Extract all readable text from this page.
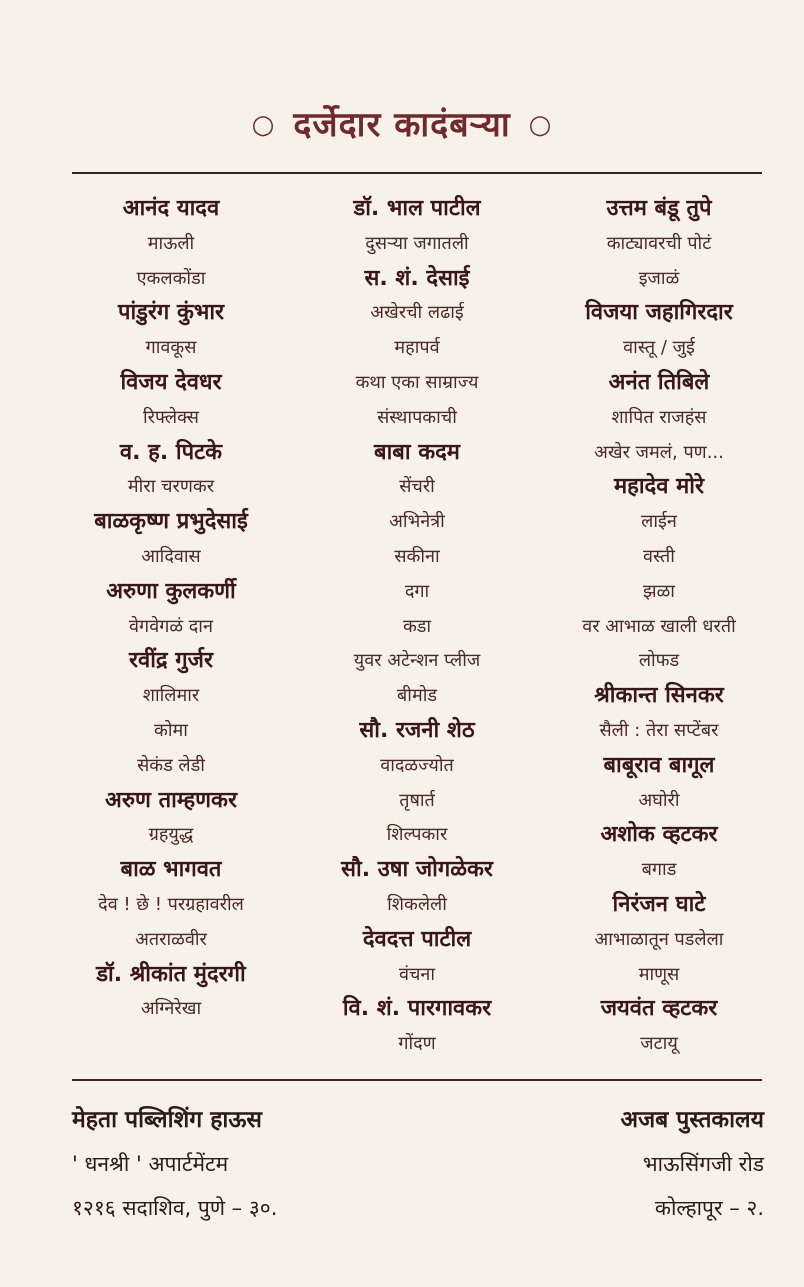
○ दर्जेदार कादंबऱ्या ○
आनंद यादव
माऊली
एकलकोंडा
पांडुरंग कुंभार
गावकूस
विजय देवधर
रिफ्लेक्स
व. ह. पिटके
मीरा चरणकर
बाळकृष्ण प्रभुदेसाई
आदिवास
अरुणा कुलकर्णी
वेगवेगळं दान
रवींद्र गुर्जर
शालिमार
कोमा
सेकंड लेडी
अरुण ताम्हणकर
ग्रहयुद्ध
बाळ भागवत
देव ! छे ! परग्रहावरील
अतराळवीर
डॉ. श्रीकांत मुंदरगी
अग्निरेखा
डॉ. भाल पाटील
दुसऱ्या जगातली
स. शं. देसाई
अखेरची लढाई
महापर्व
कथा एका साम्राज्य
संस्थापकाची
बाबा कदम
सेंचरी
अभिनेत्री
सकीना
दगा
कडा
युवर अटेन्शन प्लीज
बीमोड
सौ. रजनी शेठ
वादळज्योत
तृषार्त
शिल्पकार
सौ. उषा जोगळेकर
शिकलेली
देवदत्त पाटील
वंचना
वि. शं. पारगावकर
गोंदण
उत्तम बंडू तुपे
काट्यावरची पोटं
इजाळं
विजया जहागिरदार
वास्तू / जुई
अनंत तिबिले
शापित राजहंस
अखेर जमलं, पण...
महादेव मोरे
लाईन
वस्ती
झळा
वर आभाळ खाली धरती
लोफड
श्रीकान्त सिनकर
सैली : तेरा सप्टेंबर
बाबूराव बागूल
अघोरी
अशोक व्हटकर
बगाड
निरंजन घाटे
आभाळातून पडलेला
माणूस
जयवंत व्हटकर
जटायू
मेहता पब्लिशिंग हाऊस
' धनश्री ' अपार्टमेंटम
१२१६ सदाशिव, पुणे – ३०.
अजब पुस्तकालय
भाऊसिंगजी रोड
कोल्हापूर – २.
